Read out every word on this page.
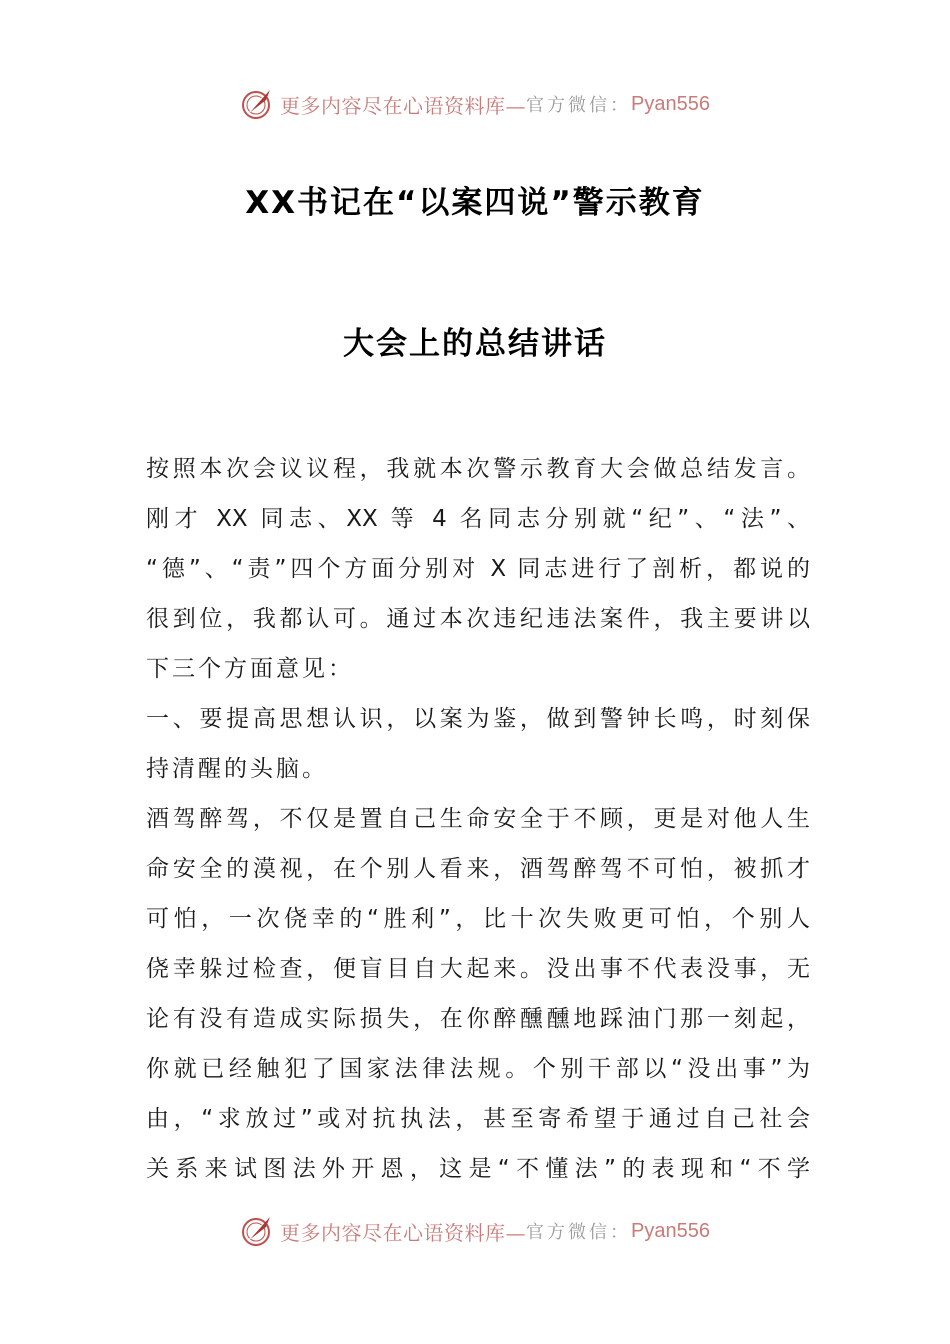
更多内容尽在心语资料库— 官方微信： Pyan556
XX书记在“以案四说”警示教育
大会上的总结讲话
按照本次会议议程，我就本次警示教育大会做总结发言。
刚才 XX 同志、XX 等 4 名同志分别就“纪”、“法”、
“德”、“责”四个方面分别对 X 同志进行了剖析，都说的
很到位，我都认可。通过本次违纪违法案件，我主要讲以
下三个方面意见：
一、要提高思想认识，以案为鉴，做到警钟长鸣，时刻保
持清醒的头脑。
酒驾醉驾，不仅是置自己生命安全于不顾，更是对他人生
命安全的漠视，在个别人看来，酒驾醉驾不可怕，被抓才
可怕，一次侥幸的“胜利”，比十次失败更可怕，个别人
侥幸躲过检查，便盲目自大起来。没出事不代表没事，无
论有没有造成实际损失，在你醉醺醺地踩油门那一刻起，
你就已经触犯了国家法律法规。个别干部以“没出事”为
由，“求放过”或对抗执法，甚至寄希望于通过自己社会
关系来试图法外开恩，这是“不懂法”的表现和“不学
更多内容尽在心语资料库— 官方微信： Pyan556
